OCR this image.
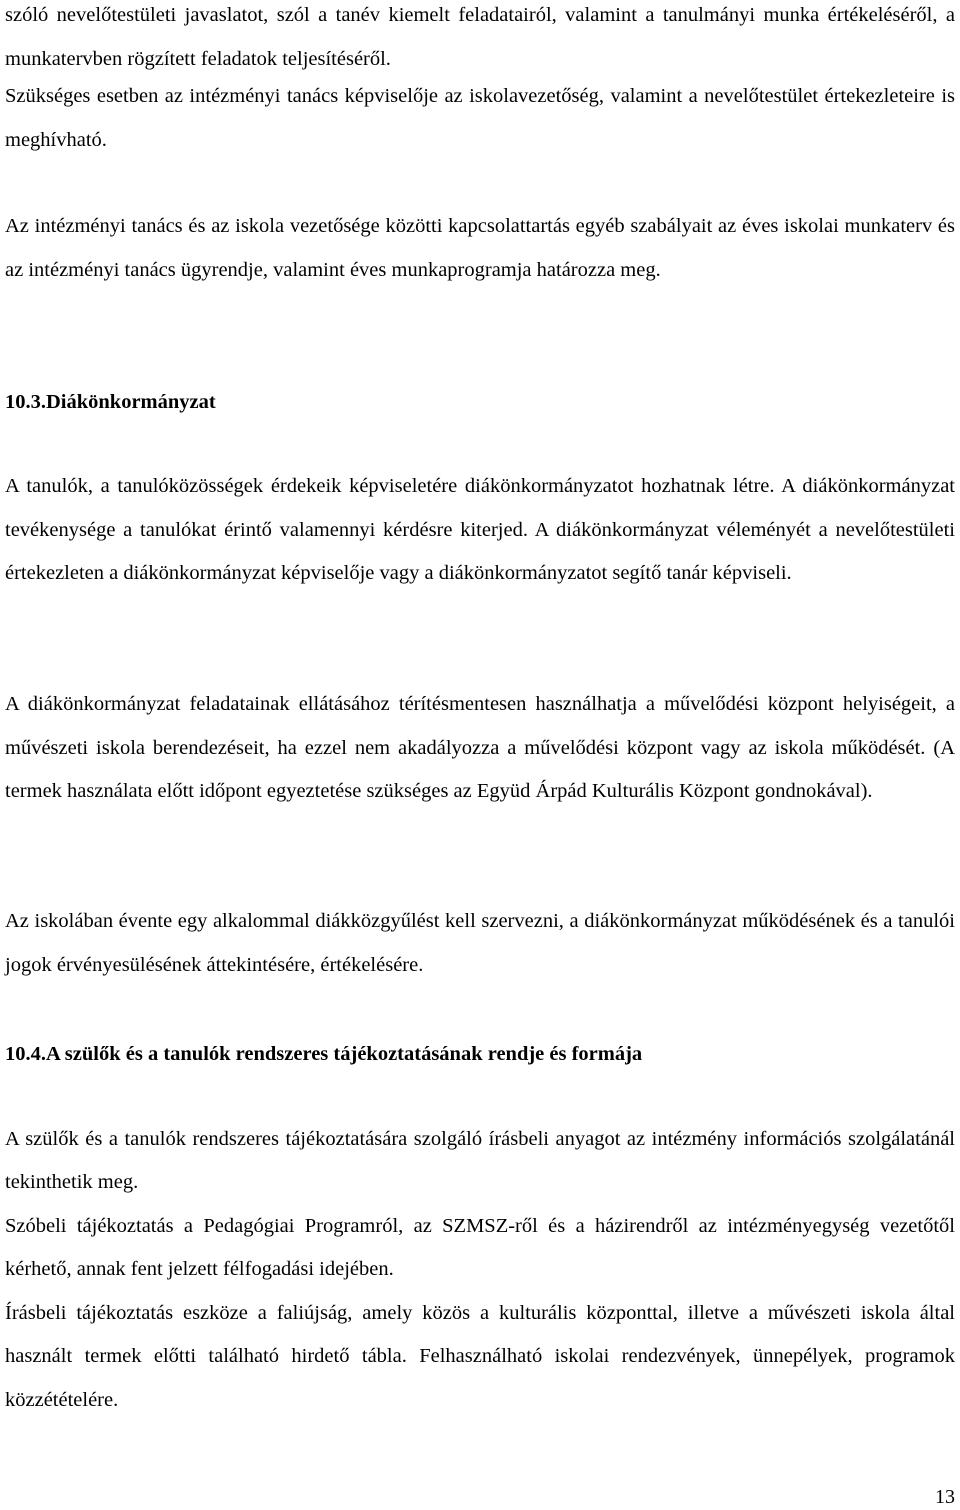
szóló nevelőtestületi javaslatot, szól a tanév kiemelt feladatairól, valamint a tanulmányi munka értékeléséről, a munkatervben rögzített feladatok teljesítéséről.

Szükséges esetben az intézményi tanács képviselője az iskolavezetőség, valamint a nevelőtestület értekezleteire is meghívható.

Az intézményi tanács és az iskola vezetősége közötti kapcsolattartás egyéb szabályait az éves iskolai munkaterv és az intézményi tanács ügyrendje, valamint éves munkaprogramja határozza meg.

10.3.Diákönkormányzat

A tanulók, a tanulóközösségek érdekeik képviseletére diákönkormányzatot hozhatnak létre. A diákönkormányzat tevékenysége a tanulókat érintő valamennyi kérdésre kiterjed. A diákönkormányzat véleményét a nevelőtestületi értekezleten a diákönkormányzat képviselője vagy a diákönkormányzatot segítő tanár képviseli.

A diákönkormányzat feladatainak ellátásához térítésmentesen használhatja a művelődési központ helyiségeit, a művészeti iskola berendezéseit, ha ezzel nem akadályozza a művelődési központ vagy az iskola működését. (A termek használata előtt időpont egyeztetése szükséges az Együd Árpád Kulturális Központ gondnokával).

Az iskolában évente egy alkalommal diákközgyűlést kell szervezni, a diákönkormányzat működésének és a tanulói jogok érvényesülésének áttekintésére, értékelésére.

10.4.A szülők és a tanulók rendszeres tájékoztatásának rendje és formája

A szülők és a tanulók rendszeres tájékoztatására szolgáló írásbeli anyagot az intézmény információs szolgálatánál tekinthetik meg.

Szóbeli tájékoztatás a Pedagógiai Programról, az SZMSZ-ről és a házirendről az intézményegység vezetőtől kérhető, annak fent jelzett félfogadási idejében.

Írásbeli tájékoztatás eszköze a faliújság, amely közös a kulturális központtal, illetve a művészeti iskola által használt termek előtti található hirdető tábla. Felhasználható iskolai rendezvények, ünnepélyek, programok közzétételére.

13
